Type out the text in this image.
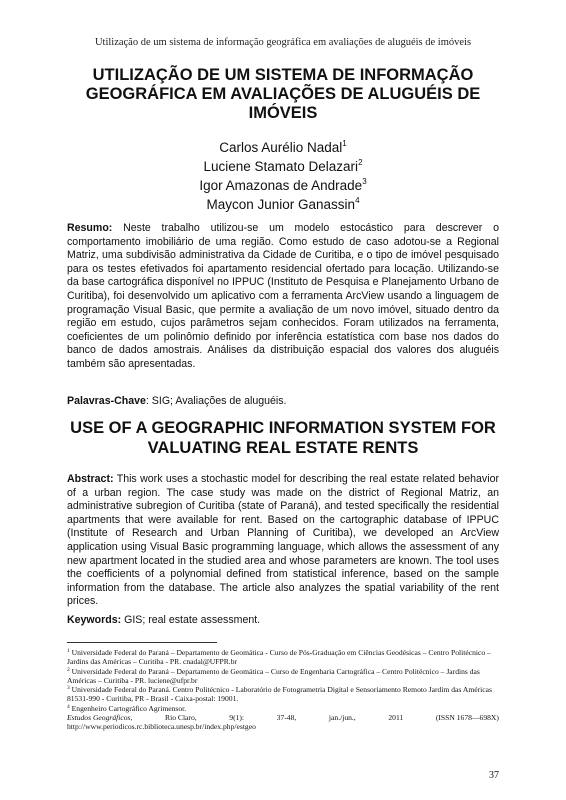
Utilização de um sistema de informação geográfica em avaliações de aluguéis de imóveis
UTILIZAÇÃO DE UM SISTEMA DE INFORMAÇÃO GEOGRÁFICA EM AVALIAÇÕES DE ALUGUÉIS DE IMÓVEIS
Carlos Aurélio Nadal$^1$
Luciene Stamato Delazari$^2$
Igor Amazonas de Andrade$^3$
Maycon Junior Ganassin$^4$
Resumo: Neste trabalho utilizou-se um modelo estocástico para descrever o comportamento imobiliário de uma região. Como estudo de caso adotou-se a Regional Matriz, uma subdivisão administrativa da Cidade de Curitiba, e o tipo de imóvel pesquisado para os testes efetivados foi apartamento residencial ofertado para locação. Utilizando-se da base cartográfica disponível no IPPUC (Instituto de Pesquisa e Planejamento Urbano de Curitiba), foi desenvolvido um aplicativo com a ferramenta ArcView usando a linguagem de programação Visual Basic, que permite a avaliação de um novo imóvel, situado dentro da região em estudo, cujos parâmetros sejam conhecidos. Foram utilizados na ferramenta, coeficientes de um polinômio definido por inferência estatística com base nos dados do banco de dados amostrais. Análises da distribuição espacial dos valores dos aluguéis também são apresentadas.
Palavras-Chave: SIG; Avaliações de aluguéis.
USE OF A GEOGRAPHIC INFORMATION SYSTEM FOR VALUATING REAL ESTATE RENTS
Abstract: This work uses a stochastic model for describing the real estate related behavior of a urban region. The case study was made on the district of Regional Matriz, an administrative subregion of Curitiba (state of Paraná), and tested specifically the residential apartments that were available for rent. Based on the cartographic database of IPPUC (Institute of Research and Urban Planning of Curitiba), we developed an ArcView application using Visual Basic programming language, which allows the assessment of any new apartment located in the studied area and whose parameters are known. The tool uses the coefficients of a polynomial defined from statistical inference, based on the sample information from the database. The article also analyzes the spatial variability of the rent prices.
Keywords: GIS; real estate assessment.

$^1$ Universidade Federal do Paraná – Departamento de Geomática - Curso de Pós-Graduação em Ciências Geodésicas – Centro Politécnico – Jardins das Américas – Curitiba - PR. cnadal@UFPR.br

$^2$ Universidade Federal do Paraná – Departamento de Geomática – Curso de Engenharia Cartográfica – Centro Politécnico – Jardins das Américas – Curitiba - PR. luciene@ufpr.br

$^3$ Universidade Federal do Paraná. Centro Politécnico - Laboratório de Fotogrametria Digital e Sensoriamento Remoto Jardim das Américas 81531-990 - Curitiba, PR - Brasil - Caixa-postal: 19001.

$^4$ Engenheiro Cartográfico Agrimensor.

Estudos Geográficos,	Rio Claro,	9(1):	37-48,	jan./jun.,	2011	(ISSN 1678—698X)
http://www.periodicos.rc.biblioteca.unesp.br/index.php/estgeo
37
